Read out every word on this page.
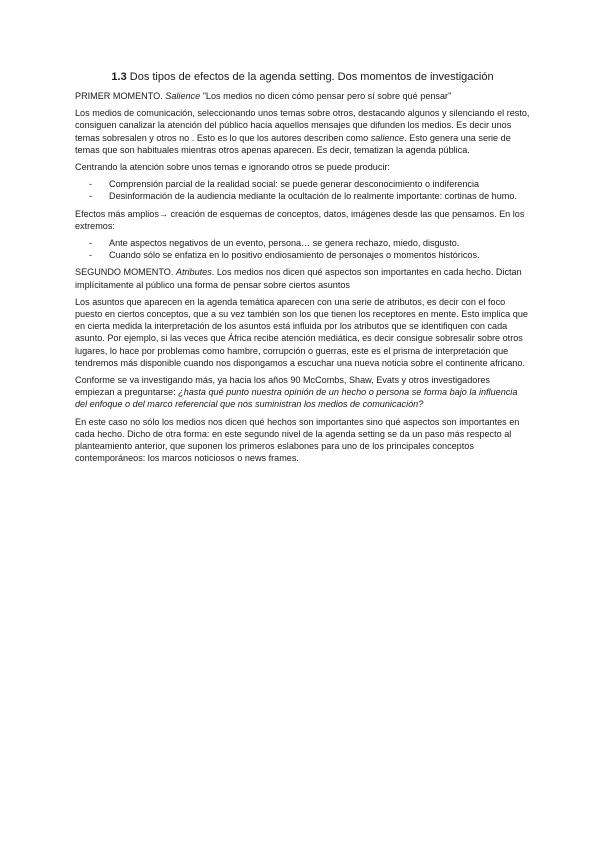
1.3 Dos tipos de efectos de la agenda setting. Dos momentos de investigación

PRIMER MOMENTO. Salience "Los medios no dicen cómo pensar pero sí sobre qué pensar"

Los medios de comunicación, seleccionando unos temas sobre otros, destacando algunos y silenciando el resto, consiguen canalizar la atención del público hacia aquellos mensajes que difunden los medios. Es decir unos temas sobresalen y otros no . Esto es lo que los autores describen como salience. Esto genera una serie de temas que son habituales mientras otros apenas aparecen. Es decir, tematizan la agenda pública.

Centrando la atención sobre unos temas e ignorando otros se puede producir:

- Comprensión parcial de la realidad social: se puede generar desconocimiento o indiferencia
- Desinformación de la audiencia mediante la ocultación de lo realmente importante: cortinas de humo.

Efectos más amplios→ creación de esquemas de conceptos, datos, imágenes desde las que pensamos. En los extremos:

- Ante aspectos negativos de un evento, persona… se genera rechazo, miedo, disgusto.
- Cuando sólo se enfatiza en lo positivo endiosamiento de personajes o momentos históricos.

SEGUNDO MOMENTO. Atributes. Los medios nos dicen qué aspectos son importantes en cada hecho. Dictan implícitamente al público una forma de pensar sobre ciertos asuntos

Los asuntos que aparecen en la agenda temática aparecen con una serie de atributos, es decir con el foco puesto en ciertos conceptos, que a su vez también son los que tienen los receptores en mente. Esto implica que en cierta medida la interpretación de los asuntos está influida por los atributos que se identifiquen con cada asunto. Por ejemplo, si las veces que África recibe atención mediática, es decir consigue sobresalir sobre otros lugares, lo hace por problemas como hambre, corrupción o guerras, este es el prisma de interpretación que tendremos más disponible cuando nos dispongamos a escuchar una nueva noticia sobre el continente africano.

Conforme se va investigando más, ya hacia los años 90 McCombs, Shaw, Evats y otros investigadores empiezan a preguntarse: ¿hasta qué punto nuestra opinión de un hecho o persona se forma bajo la influencia del enfoque o del marco referencial que nos suministran los medios de comunicación?

En este caso no sólo los medios nos dicen qué hechos son importantes sino qué aspectos son importantes en cada hecho. Dicho de otra forma: en este segundo nivel de la agenda setting se da un paso más respecto al planteamiento anterior, que suponen los primeros eslabones para uno de los principales conceptos contemporáneos: los marcos noticiosos o news frames.
